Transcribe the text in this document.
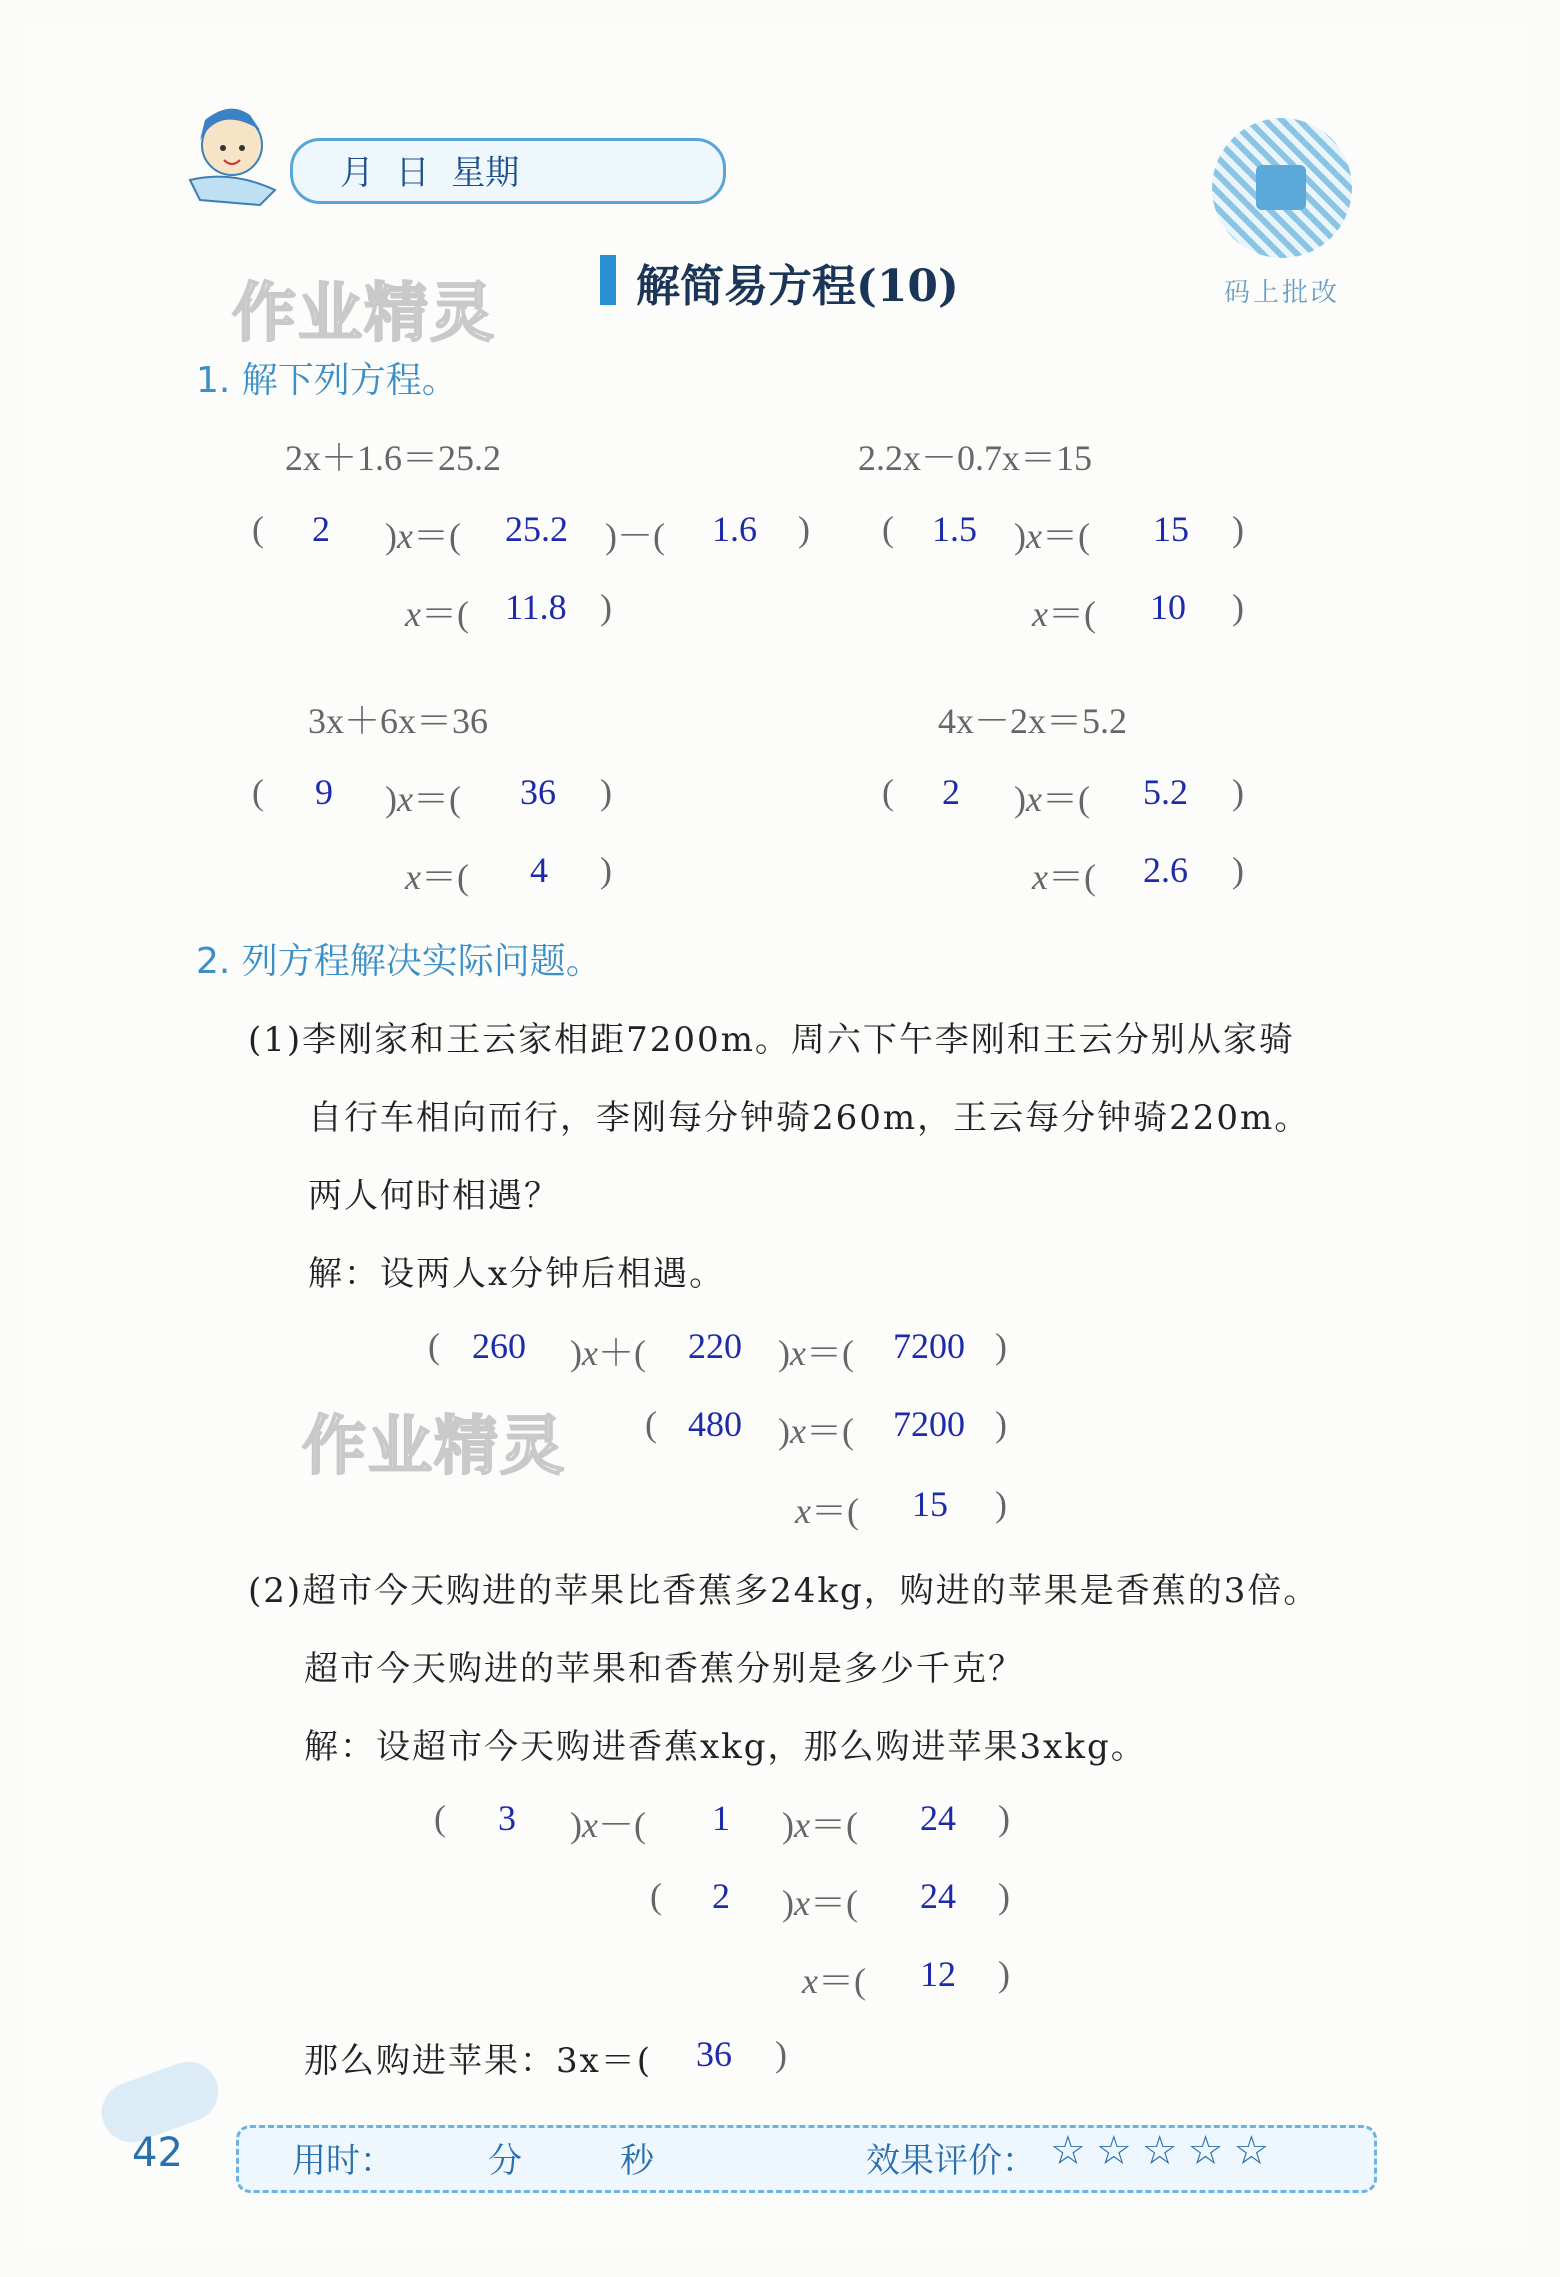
月  日  星期
码上批改
作业精灵
作业精灵
解简易方程(10)
1. 解下列方程。
2x＋1.6＝25.2
(	)x＝(	)－(	)
2	25.2	1.6
x＝(	)
11.8
2.2x－0.7x＝15
(	)x＝(	)
1.5	15
x＝(	)
10
3x＋6x＝36
(	)x＝(	)
9	36
x＝(	)
4
4x－2x＝5.2
(	)x＝(	)
2	5.2
x＝(	)
2.6
2. 列方程解决实际问题。
(1)李刚家和王云家相距7200m。周六下午李刚和王云分别从家骑
自行车相向而行，李刚每分钟骑260m，王云每分钟骑220m。
两人何时相遇？
解：设两人x分钟后相遇。
(	)x＋(	)x＝(	)
260	220	7200
(	)x＝(	)
480	7200
x＝(	)
15
(2)超市今天购进的苹果比香蕉多24kg，购进的苹果是香蕉的3倍。
超市今天购进的苹果和香蕉分别是多少千克？
解：设超市今天购进香蕉xkg，那么购进苹果3xkg。
(	)x－(	)x＝(	)
3	1	24
(	)x＝(	)
2	24
x＝(	)
12
那么购进苹果：3x＝( 36 )
42	用时：	分	秒	效果评价： ☆☆☆☆☆
